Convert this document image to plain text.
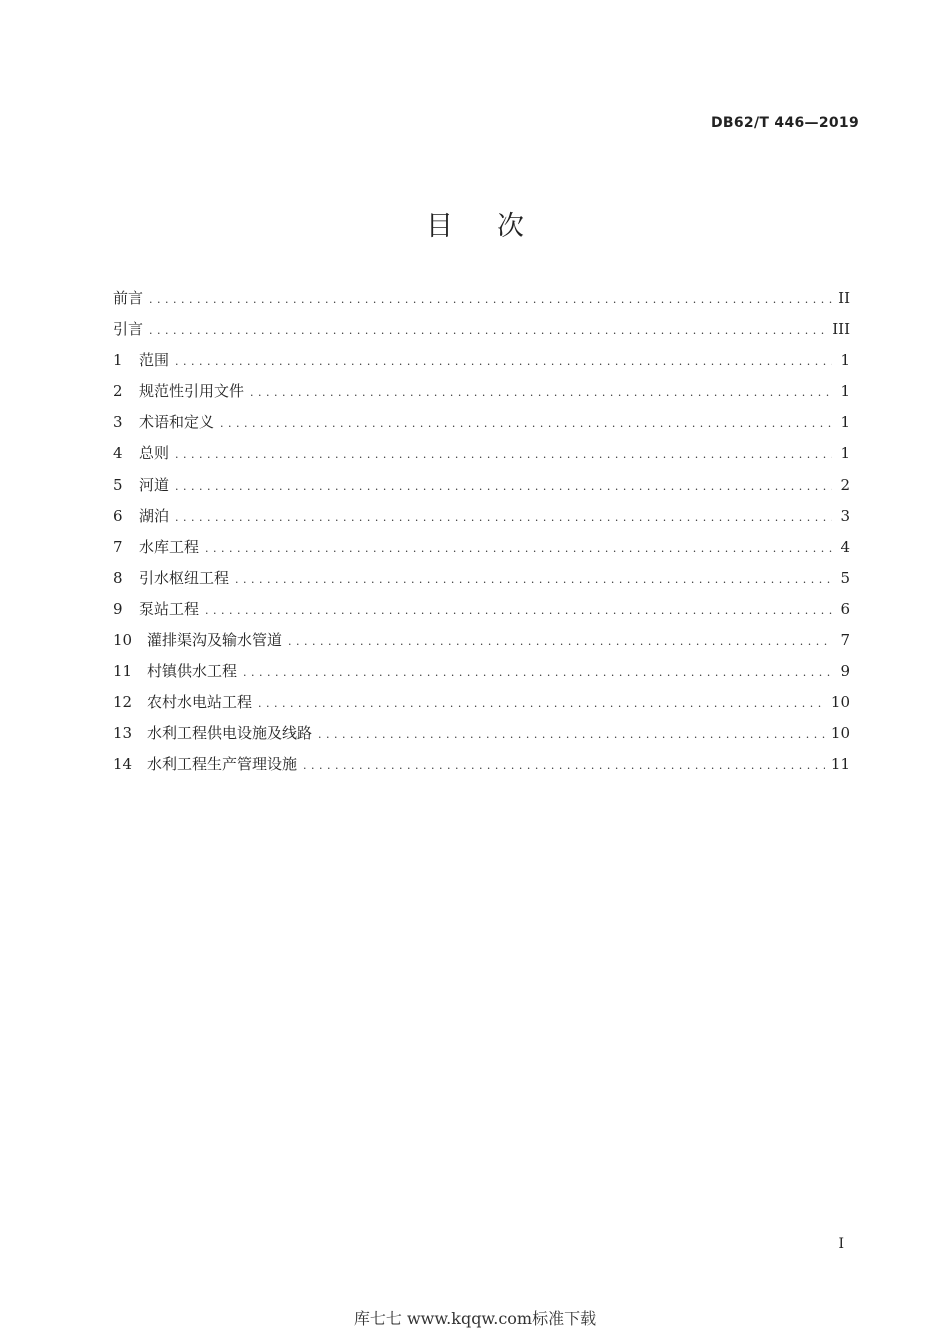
DB62/T 446—2019
目次
前言 .....	II
引言 .....	III
1	范围 .....	1
2	规范性引用文件 .....	1
3	术语和定义 .....	1
4	总则 .....	1
5	河道 .....	2
6	湖泊 .....	3
7	水库工程 .....	4
8	引水枢纽工程 .....	5
9	泵站工程 .....	6
10 灌排渠沟及输水管道 .....	7
11 村镇供水工程 .....	9
12 农村水电站工程 .....	10
13 水利工程供电设施及线路 .....	10
14 水利工程生产管理设施 .....	11
I
库七七 www.kqqw.com标准下载
